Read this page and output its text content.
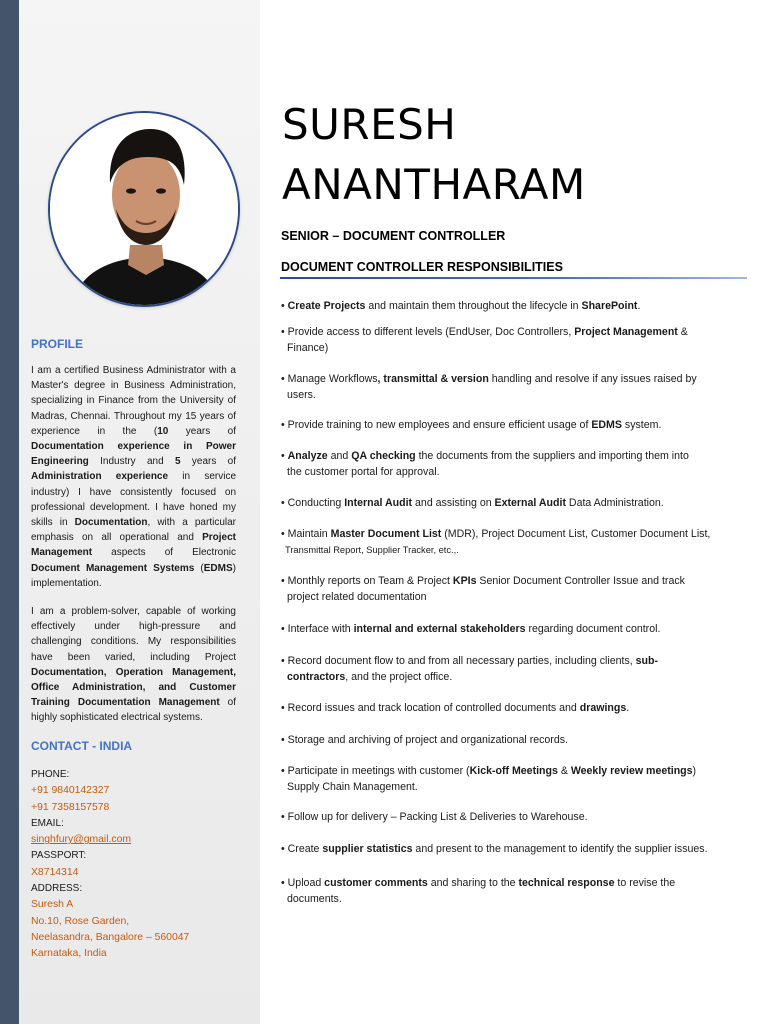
PROFILE
I am a certified Business Administrator with a Master's degree in Business Administration, specializing in Finance from the University of Madras, Chennai. Throughout my 15 years of experience in the (10 years of Documentation experience in Power Engineering Industry and 5 years of Administration experience in service industry) I have consistently focused on professional development. I have honed my skills in Documentation, with a particular emphasis on all operational and Project Management aspects of Electronic Document Management Systems (EDMS) implementation.
I am a problem-solver, capable of working effectively under high-pressure and challenging conditions. My responsibilities have been varied, including Project Documentation, Operation Management, Office Administration, and Customer Training Documentation Management of highly sophisticated electrical systems.
CONTACT - INDIA
PHONE:
+91 9840142327
+91 7358157578
EMAIL:
singhfury@gmail.com
PASSPORT:
X8714314
ADDRESS:
Suresh A
No.10, Rose Garden,
Neelasandra, Bangalore – 560047
Karnataka, India
SURESH
ANANTHARAM
SENIOR – DOCUMENT CONTROLLER
DOCUMENT CONTROLLER RESPONSIBILITIES
• Create Projects and maintain them throughout the lifecycle in SharePoint.
• Provide access to different levels (EndUser, Doc Controllers, Project Management &
Finance)
• Manage Workflows, transmittal & version handling and resolve if any issues raised by
users.
• Provide training to new employees and ensure efficient usage of EDMS system.
• Analyze and QA checking the documents from the suppliers and importing them into
the customer portal for approval.
• Conducting Internal Audit and assisting on External Audit Data Administration.
• Maintain Master Document List (MDR), Project Document List, Customer Document List,
Transmittal Report, Supplier Tracker, etc.,.
• Monthly reports on Team & Project KPIs Senior Document Controller Issue and track
project related documentation
• Interface with internal and external stakeholders regarding document control.
• Record document flow to and from all necessary parties, including clients, sub-
contractors, and the project office.
• Record issues and track location of controlled documents and drawings.
• Storage and archiving of project and organizational records.
• Participate in meetings with customer (Kick-off Meetings & Weekly review meetings)
Supply Chain Management.
• Follow up for delivery – Packing List & Deliveries to Warehouse.
• Create supplier statistics and present to the management to identify the supplier issues.
• Upload customer comments and sharing to the technical response to revise the
documents.
